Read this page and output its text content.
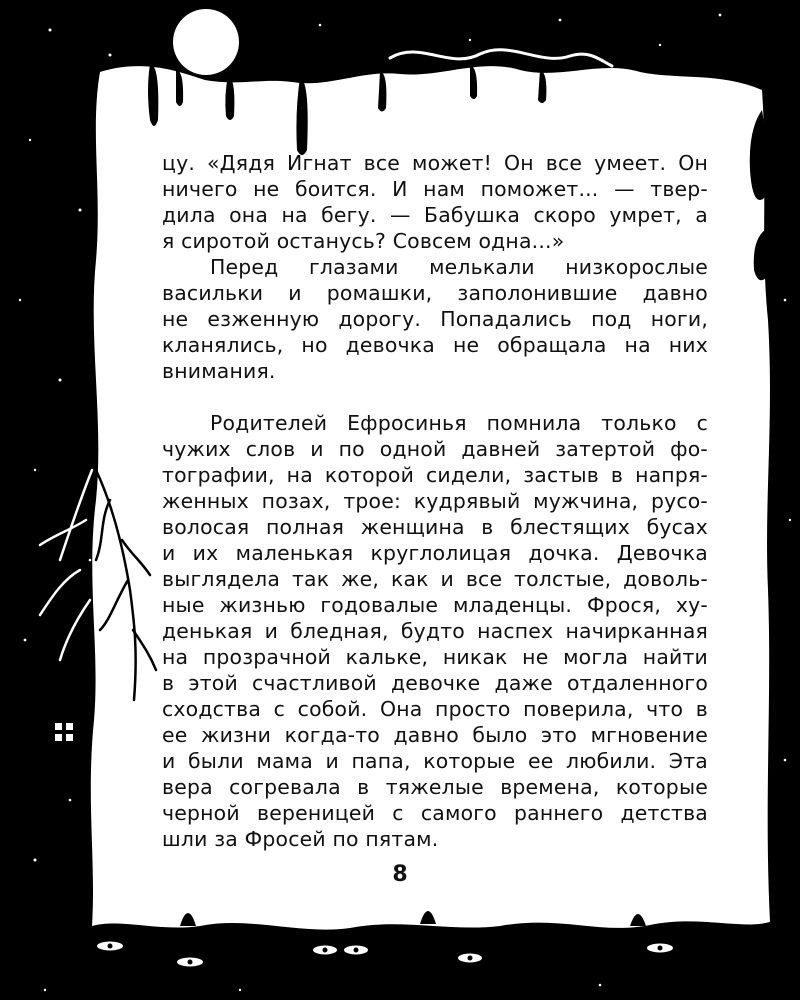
цу. «Дядя Игнат все может! Он все умеет. Он
ничего не боится. И нам поможет... — твер-
дила она на бегу. — Бабушка скоро умрет, а
я сиротой останусь? Совсем одна...»
Перед глазами мелькали низкорослые
васильки и ромашки, заполонившие давно
не езженную дорогу. Попадались под ноги,
кланялись, но девочка не обращала на них
внимания.
Родителей Ефросинья помнила только с
чужих слов и по одной давней затертой фо-
тографии, на которой сидели, застыв в напря-
женных позах, трое: кудрявый мужчина, русо-
волосая полная женщина в блестящих бусах
и их маленькая круглолицая дочка. Девочка
выглядела так же, как и все толстые, доволь-
ные жизнью годовалые младенцы. Фрося, ху-
денькая и бледная, будто наспех начирканная
на прозрачной кальке, никак не могла найти
в этой счастливой девочке даже отдаленного
сходства с собой. Она просто поверила, что в
ее жизни когда-то давно было это мгновение
и были мама и папа, которые ее любили. Эта
вера согревала в тяжелые времена, которые
черной вереницей с самого раннего детства
шли за Фросей по пятам.
8
